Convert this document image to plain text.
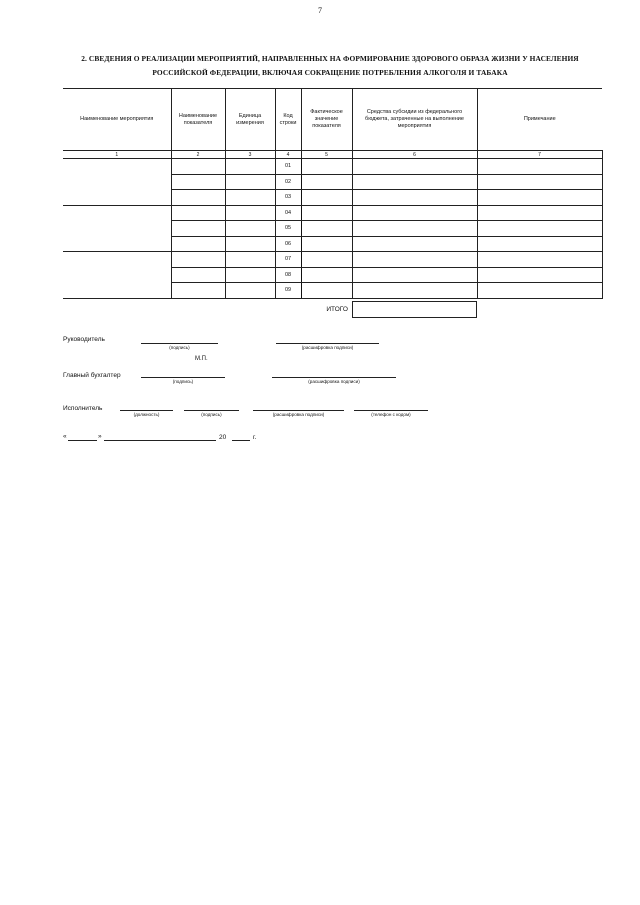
7
2. СВЕДЕНИЯ О РЕАЛИЗАЦИИ МЕРОПРИЯТИЙ, НАПРАВЛЕННЫХ НА ФОРМИРОВАНИЕ ЗДОРОВОГО ОБРАЗА ЖИЗНИ У НАСЕЛЕНИЯ
РОССИЙСКОЙ ФЕДЕРАЦИИ, ВКЛЮЧАЯ СОКРАЩЕНИЕ ПОТРЕБЛЕНИЯ АЛКОГОЛЯ И ТАБАКА
Наименование мероприятия	Наименование показателя	Единица измерения	Код строки	Фактическое значение показателя	Средства субсидии из федерального бюджета, затраченные на выполнение мероприятия	Примечание
1	2	3	4	5	6	7
			01			
			02			
			03			
			04			
			05			
			06			
			07			
			08			
			09			
ИТОГО
Руководитель
(подпись)	(расшифровка подписи)
М.П.
Главный бухгалтер
(подпись)	(расшифровка подписи)
Исполнитель
(должность)	(подпись)	(расшифровка подписи)	(телефон с кодом)
«	»	20	г.
